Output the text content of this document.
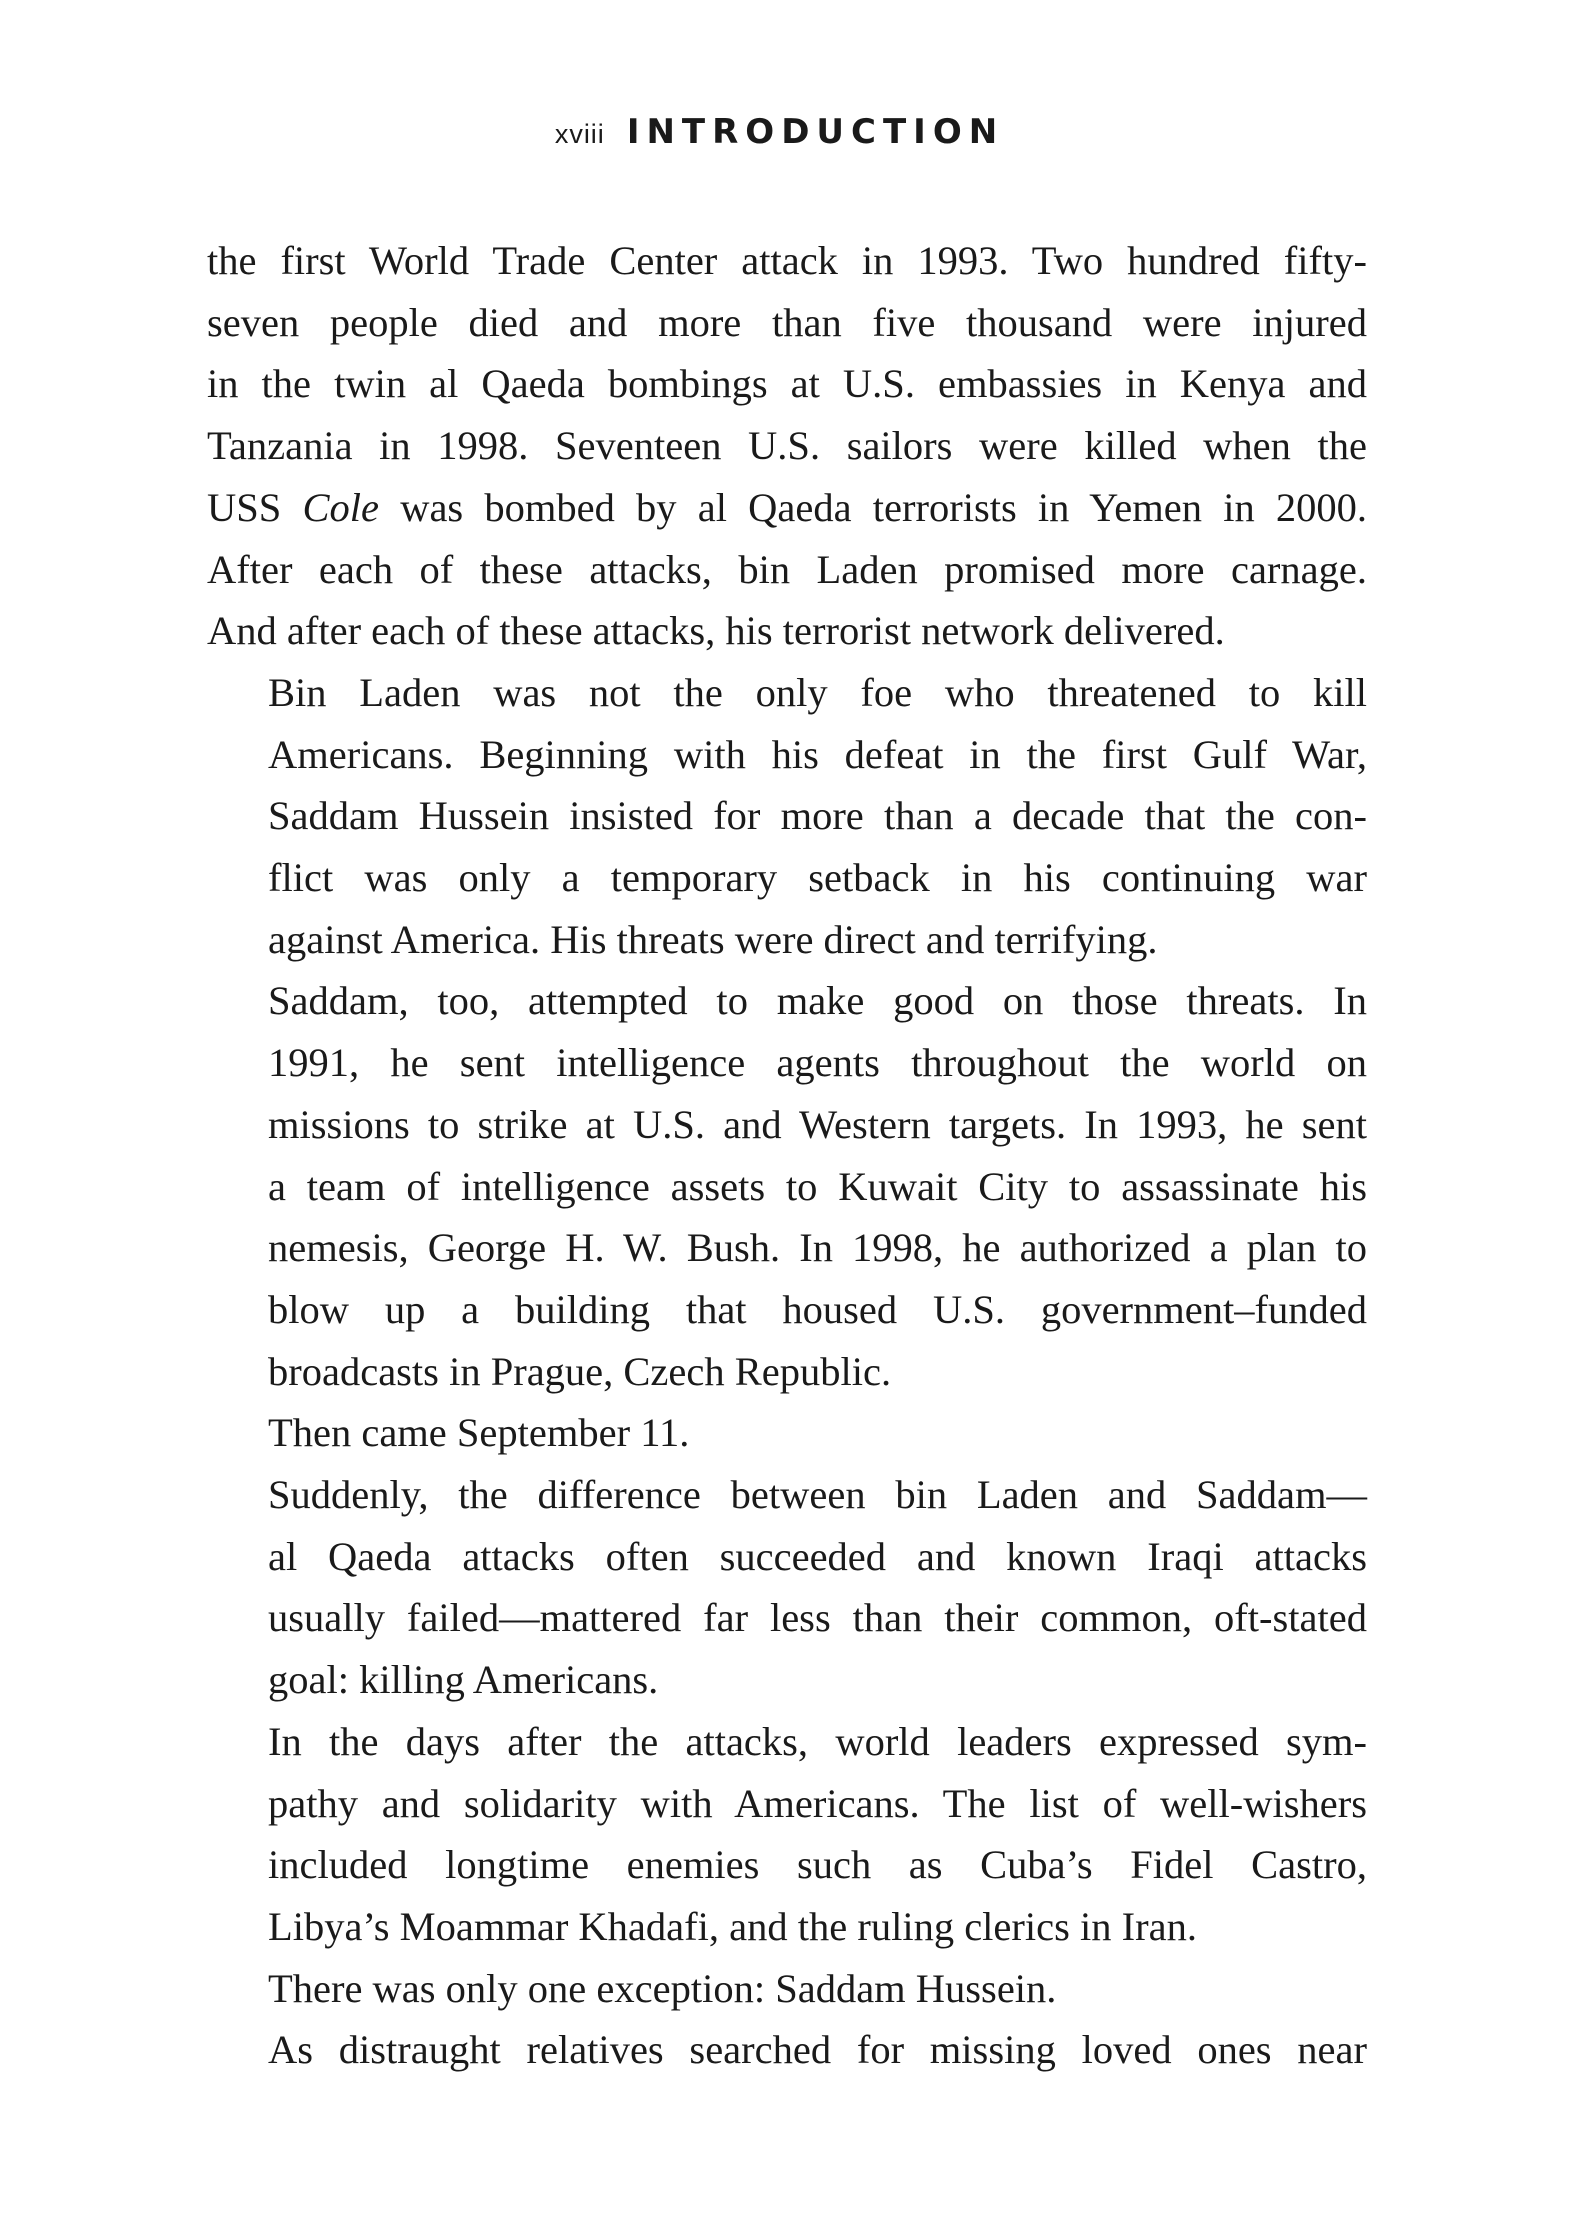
xviii INTRODUCTION

the first World Trade Center attack in 1993. Two hundred fifty-
seven people died and more than five thousand were injured
in the twin al Qaeda bombings at U.S. embassies in Kenya and
Tanzania in 1998. Seventeen U.S. sailors were killed when the
USS Cole was bombed by al Qaeda terrorists in Yemen in 2000.
After each of these attacks, bin Laden promised more carnage.
And after each of these attacks, his terrorist network delivered.

Bin Laden was not the only foe who threatened to kill
Americans. Beginning with his defeat in the first Gulf War,
Saddam Hussein insisted for more than a decade that the con-
flict was only a temporary setback in his continuing war
against America. His threats were direct and terrifying.

Saddam, too, attempted to make good on those threats. In
1991, he sent intelligence agents throughout the world on
missions to strike at U.S. and Western targets. In 1993, he sent
a team of intelligence assets to Kuwait City to assassinate his
nemesis, George H. W. Bush. In 1998, he authorized a plan to
blow up a building that housed U.S. government–funded
broadcasts in Prague, Czech Republic.

Then came September 11.

Suddenly, the difference between bin Laden and Saddam—
al Qaeda attacks often succeeded and known Iraqi attacks
usually failed—mattered far less than their common, oft-stated
goal: killing Americans.

In the days after the attacks, world leaders expressed sym-
pathy and solidarity with Americans. The list of well-wishers
included longtime enemies such as Cuba’s Fidel Castro,
Libya’s Moammar Khadafi, and the ruling clerics in Iran.

There was only one exception: Saddam Hussein.

As distraught relatives searched for missing loved ones near
